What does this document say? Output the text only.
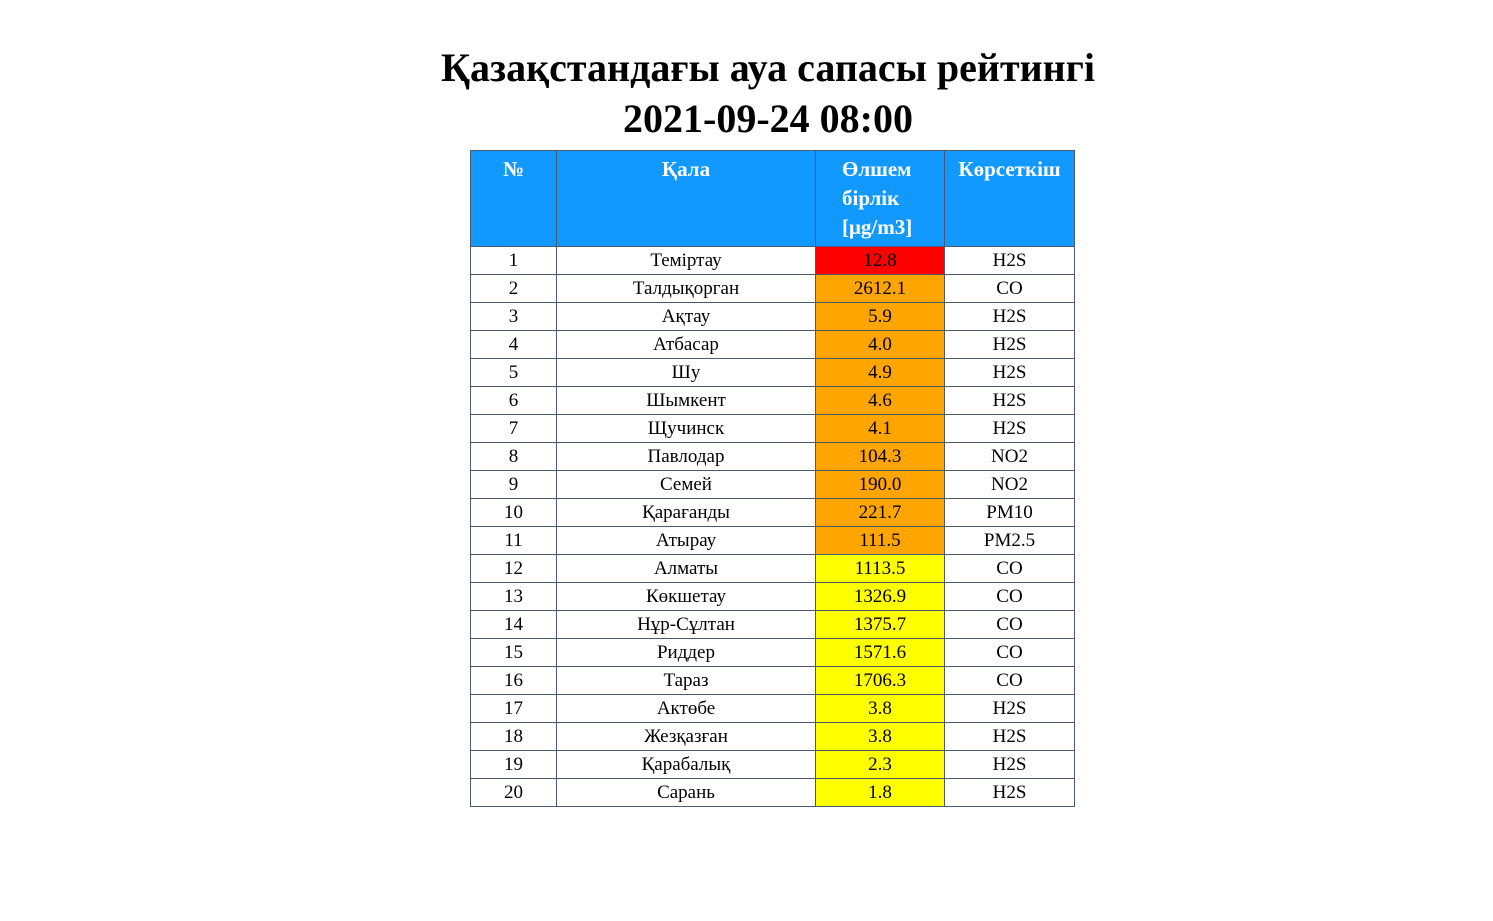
Қазақстандағы ауа сапасы рейтингі
2021-09-24 08:00
№	Қала	Өлшем
бірлік
[μg/m3]	Көрсеткіш
1	Теміртау	12.8	H2S
2	Талдықорган	2612.1	CO
3	Ақтау	5.9	H2S
4	Атбасар	4.0	H2S
5	Шу	4.9	H2S
6	Шымкент	4.6	H2S
7	Щучинск	4.1	H2S
8	Павлодар	104.3	NO2
9	Семей	190.0	NO2
10	Қарағанды	221.7	PM10
11	Атырау	111.5	PM2.5
12	Алматы	1113.5	CO
13	Көкшетау	1326.9	CO
14	Нұр-Сұлтан	1375.7	CO
15	Риддер	1571.6	CO
16	Тараз	1706.3	CO
17	Актөбе	3.8	H2S
18	Жезқазған	3.8	H2S
19	Қарабалық	2.3	H2S
20	Сарань	1.8	H2S
